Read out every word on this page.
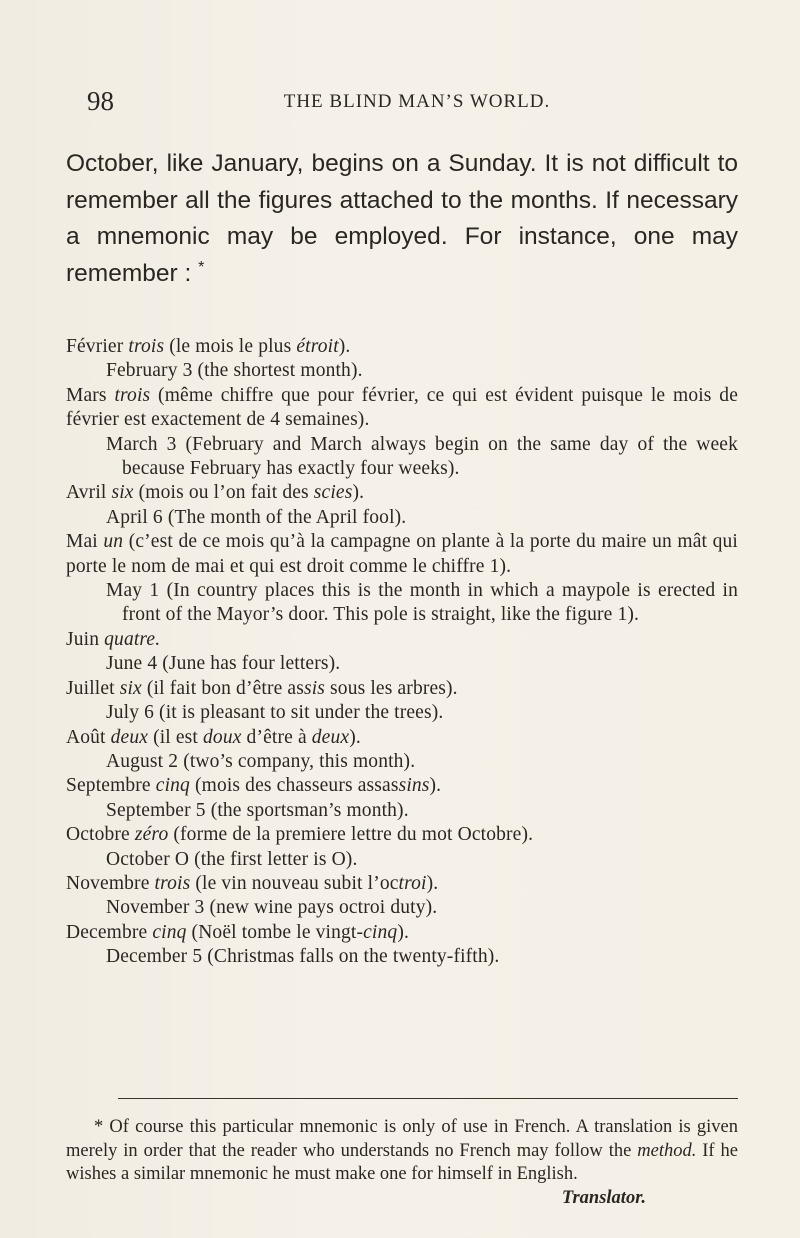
98	THE BLIND MAN’S WORLD.

October, like January, begins on a Sunday. It is not difficult to remember all the figures attached to the months. If necessary a mnemonic may be employed. For instance, one may remember : *

Février trois (le mois le plus étroit).

February 3 (the shortest month).

Mars trois (même chiffre que pour février, ce qui est évident puisque le mois de février est exactement de 4 semaines).

March 3 (February and March always begin on the same day of the week because February has exactly four weeks).

Avril six (mois ou l’on fait des scies).

April 6 (The month of the April fool).

Mai un (c’est de ce mois qu’à la campagne on plante à la porte du maire un mât qui porte le nom de mai et qui est droit comme le chiffre 1).

May 1 (In country places this is the month in which a maypole is erected in front of the Mayor’s door. This pole is straight, like the figure 1).

Juin quatre.

June 4 (June has four letters).

Juillet six (il fait bon d’être assis sous les arbres).

July 6 (it is pleasant to sit under the trees).

Août deux (il est doux d’être à deux).

August 2 (two’s company, this month).

Septembre cinq (mois des chasseurs assassins).

September 5 (the sportsman’s month).

Octobre zéro (forme de la premiere lettre du mot Octobre).

October O (the first letter is O).

Novembre trois (le vin nouveau subit l’octroi).

November 3 (new wine pays octroi duty).

Decembre cinq (Noël tombe le vingt-cinq).

December 5 (Christmas falls on the twenty-fifth).

* Of course this particular mnemonic is only of use in French. A translation is given merely in order that the reader who understands no French may follow the method. If he wishes a similar mnemonic he must make one for himself in English.

Translator.
